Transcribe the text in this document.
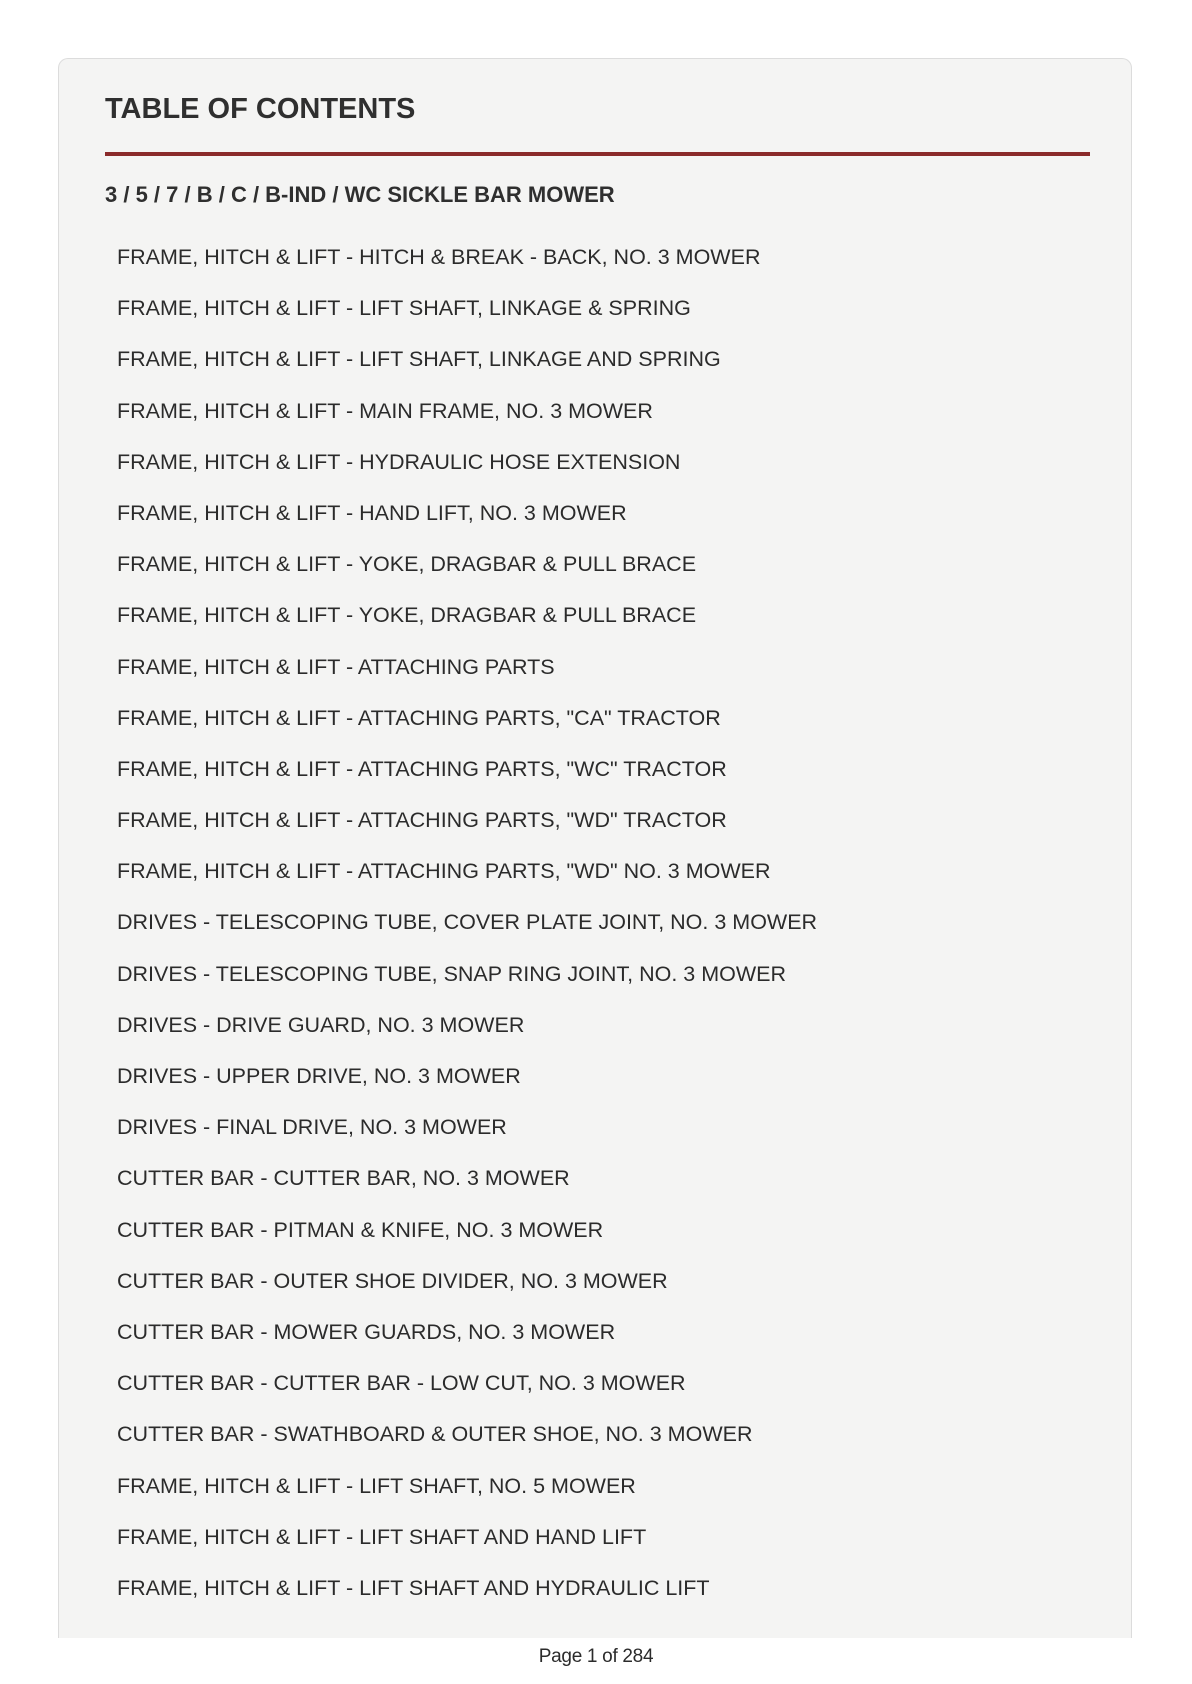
TABLE OF CONTENTS
3 / 5 / 7 / B / C / B-IND / WC SICKLE BAR MOWER
FRAME, HITCH & LIFT - HITCH & BREAK - BACK, NO. 3 MOWER
FRAME, HITCH & LIFT - LIFT SHAFT, LINKAGE & SPRING
FRAME, HITCH & LIFT - LIFT SHAFT, LINKAGE AND SPRING
FRAME, HITCH & LIFT - MAIN FRAME, NO. 3 MOWER
FRAME, HITCH & LIFT - HYDRAULIC HOSE EXTENSION
FRAME, HITCH & LIFT - HAND LIFT, NO. 3 MOWER
FRAME, HITCH & LIFT - YOKE, DRAGBAR & PULL BRACE
FRAME, HITCH & LIFT - YOKE, DRAGBAR & PULL BRACE
FRAME, HITCH & LIFT - ATTACHING PARTS
FRAME, HITCH & LIFT - ATTACHING PARTS, "CA" TRACTOR
FRAME, HITCH & LIFT - ATTACHING PARTS, "WC" TRACTOR
FRAME, HITCH & LIFT - ATTACHING PARTS, "WD" TRACTOR
FRAME, HITCH & LIFT - ATTACHING PARTS, "WD" NO. 3 MOWER
DRIVES - TELESCOPING TUBE, COVER PLATE JOINT, NO. 3 MOWER
DRIVES - TELESCOPING TUBE, SNAP RING JOINT, NO. 3 MOWER
DRIVES - DRIVE GUARD, NO. 3 MOWER
DRIVES - UPPER DRIVE, NO. 3 MOWER
DRIVES - FINAL DRIVE, NO. 3 MOWER
CUTTER BAR - CUTTER BAR, NO. 3 MOWER
CUTTER BAR - PITMAN & KNIFE, NO. 3 MOWER
CUTTER BAR - OUTER SHOE DIVIDER, NO. 3 MOWER
CUTTER BAR - MOWER GUARDS, NO. 3 MOWER
CUTTER BAR - CUTTER BAR - LOW CUT, NO. 3 MOWER
CUTTER BAR - SWATHBOARD & OUTER SHOE, NO. 3 MOWER
FRAME, HITCH & LIFT - LIFT SHAFT, NO. 5 MOWER
FRAME, HITCH & LIFT - LIFT SHAFT AND HAND LIFT
FRAME, HITCH & LIFT - LIFT SHAFT AND HYDRAULIC LIFT
Page 1 of 284
